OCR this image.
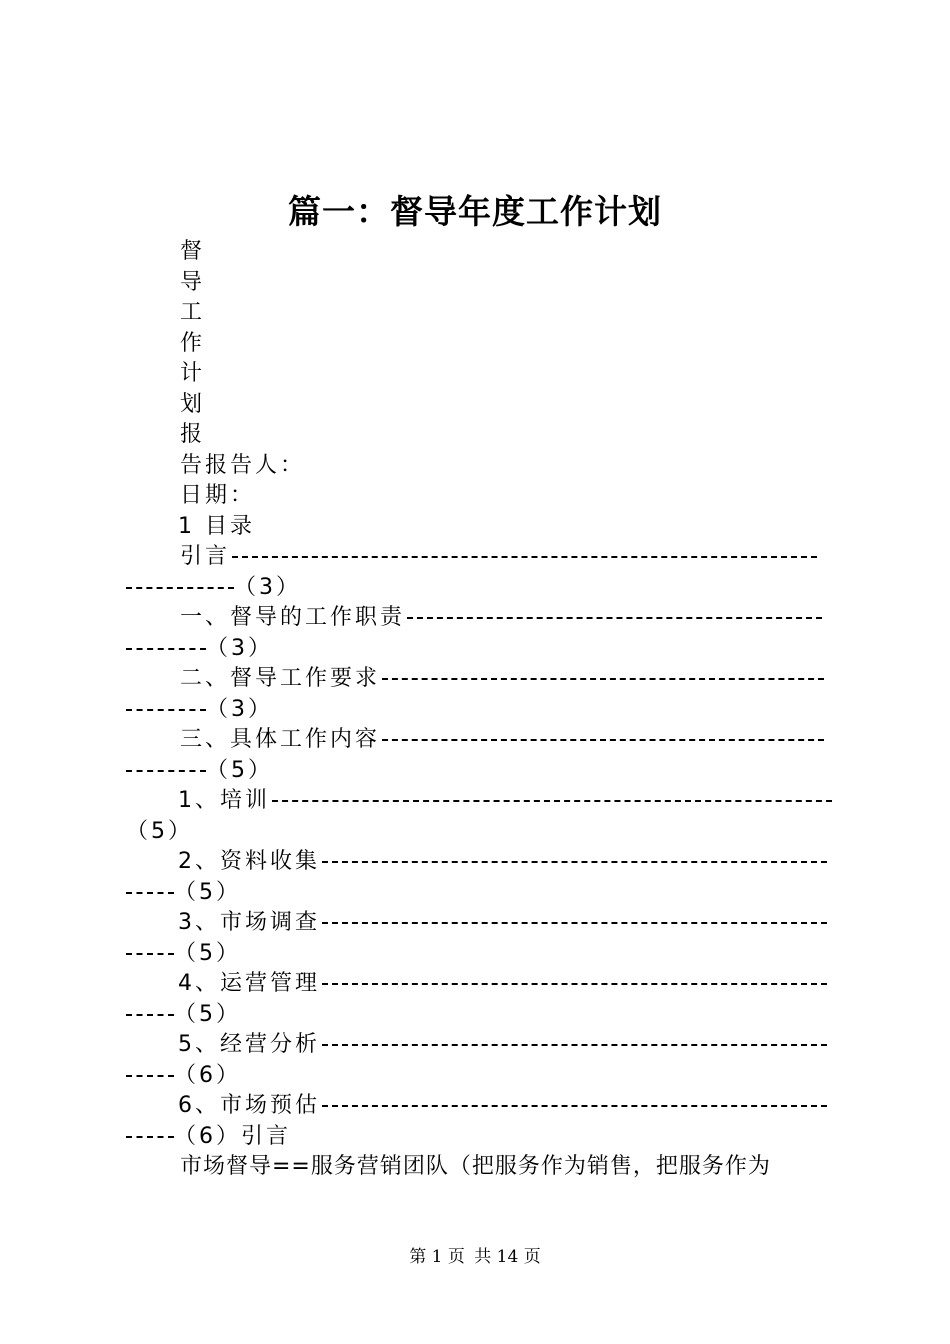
篇一：督导年度工作计划
督
导
工
作
计
划
报
告报告人：
日期：
1 目录
引言
（3）
一、督导的工作职责
（3）
二、督导工作要求
（3）
三、具体工作内容
（5）
1、培训
（5）
2、资料收集
（5）
3、市场调查
（5）
4、运营管理
（5）
5、经营分析
（6）
6、市场预估
（6）引言
市场督导==服务营销团队（把服务作为销售，把服务作为
第 1 页 共 14 页
